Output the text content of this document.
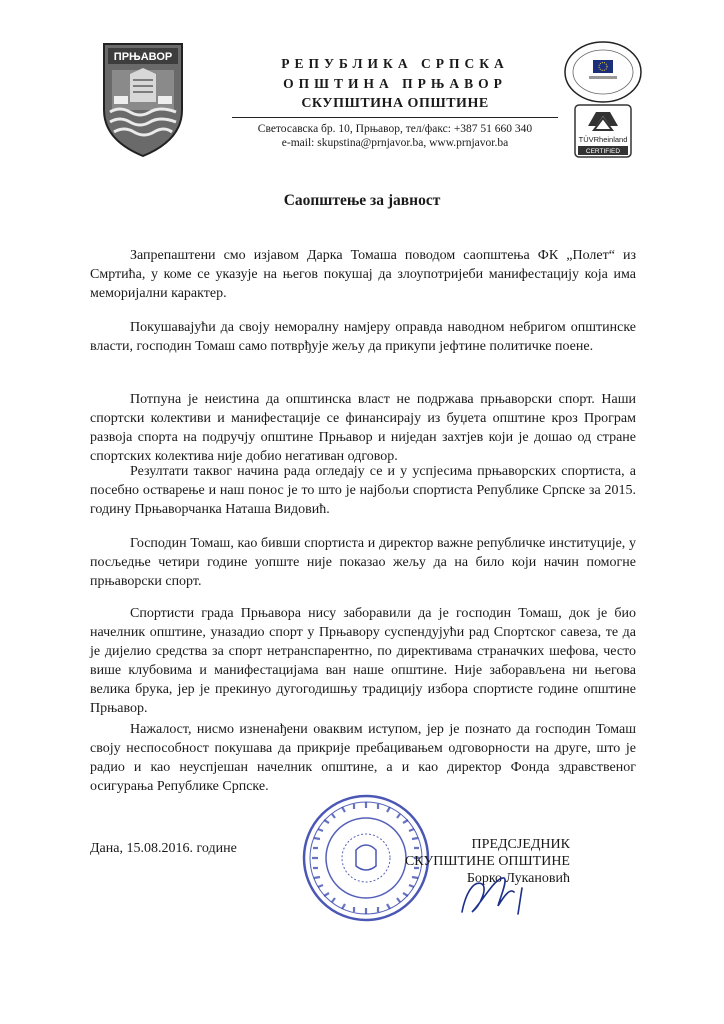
ПРЊАВОР	РЕПУБЛИКА СРПСКА
ОПШТИНА ПРЊАВОР
СКУПШТИНА ОПШТИНЕ
Светосавска бр. 10, Прњавор, тел/факс: +387 51 660 340
e-mail: skupstina@prnjavor.ba, www.prnjavor.ba	TÜVRheinland
CERTIFIED
Саопштење за јавност

Запрепаштени смо изјавом Дарка Томаша поводом саопштења ФК „Полет“ из Смртића, у коме се указује на његов покушај да злоупотријеби манифестацију која има меморијални карактер.

Покушавајући да своју неморалну намјеру оправда наводном небригом општинске власти, господин Томаш само потврђује жељу да прикупи јефтине политичке поене.

Потпуна је неистина да општинска власт не подржава прњаворски спорт. Наши спортски колективи и манифестације се финансирају из буџета општине кроз Програм развоја спорта на подручју општине Прњавор и ниједан захтјев који је дошао од стране спортских колектива није добио негативан одговор.

Резултати таквог начина рада огледају се и у успјесима прњаворских спортиста, а посебно остварење и наш понос је то што је најбољи спортиста Републике Српске за 2015. годину Прњаворчанка Наташа Видовић.

Господин Томаш, као бивши спортиста и директор важне републичке институције, у посљедње четири године уопште није показао жељу да на било који начин помогне прњаворски спорт.

Спортисти града Прњавора нису заборавили да је господин Томаш, док је био начелник општине, уназадио спорт у Прњавору суспендујући рад Спортског савеза, те да је дијелио средства за спорт нетранспарентно, по директивама страначких шефова, често више клубовима и манифестацијама ван наше општине. Није заборављена ни његова велика брука, јер је прекинуо дугогодишњу традицију избора спортисте године општине Прњавор.

Нажалост, нисмо изненађени оваквим иступом, јер је познато да господин Томаш своју неспособност покушава да прикрије пребацивањем одговорности на друге, што је радио и као неуспјешан начелник општине, а и као директор Фонда здравственог осигурања Републике Српске.

Дана, 15.08.2016. године	ПРЕДСЈЕДНИК
СКУПШТИНЕ ОПШТИНЕ
Борко Лукановић
